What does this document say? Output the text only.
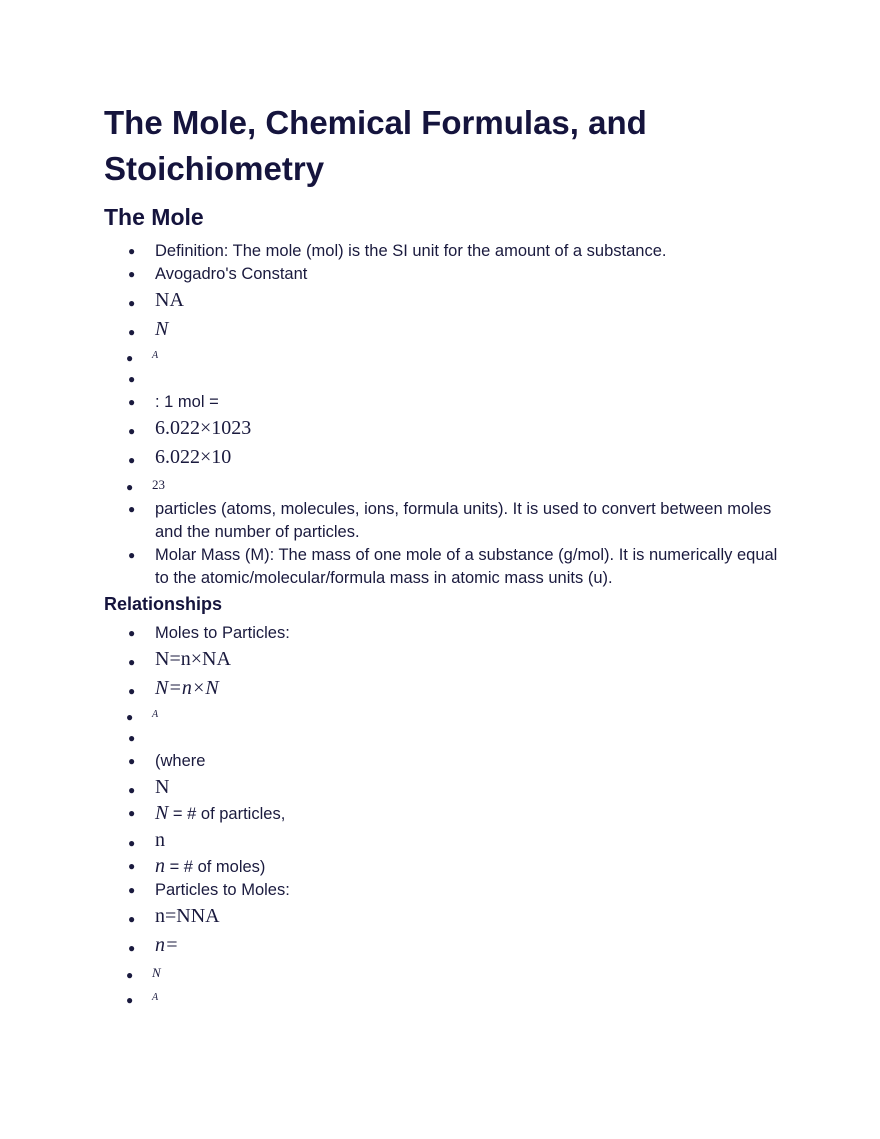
The Mole, Chemical Formulas, and Stoichiometry
The Mole
● Definition: The mole (mol) is the SI unit for the amount of a substance.
● Avogadro's Constant
● NA
● N
● A
●
● : 1 mol =
● 6.022×1023
● 6.022×10
● 23
● particles (atoms, molecules, ions, formula units). It is used to convert between moles and the number of particles.
● Molar Mass (M): The mass of one mole of a substance (g/mol). It is numerically equal to the atomic/molecular/formula mass in atomic mass units (u).
Relationships
● Moles to Particles:
● N=n×NA
● N=n×N
● A
●
● (where
● N
● N = # of particles,
● n
● n = # of moles)
● Particles to Moles:
● n=NNA
● n=
● N
● A
